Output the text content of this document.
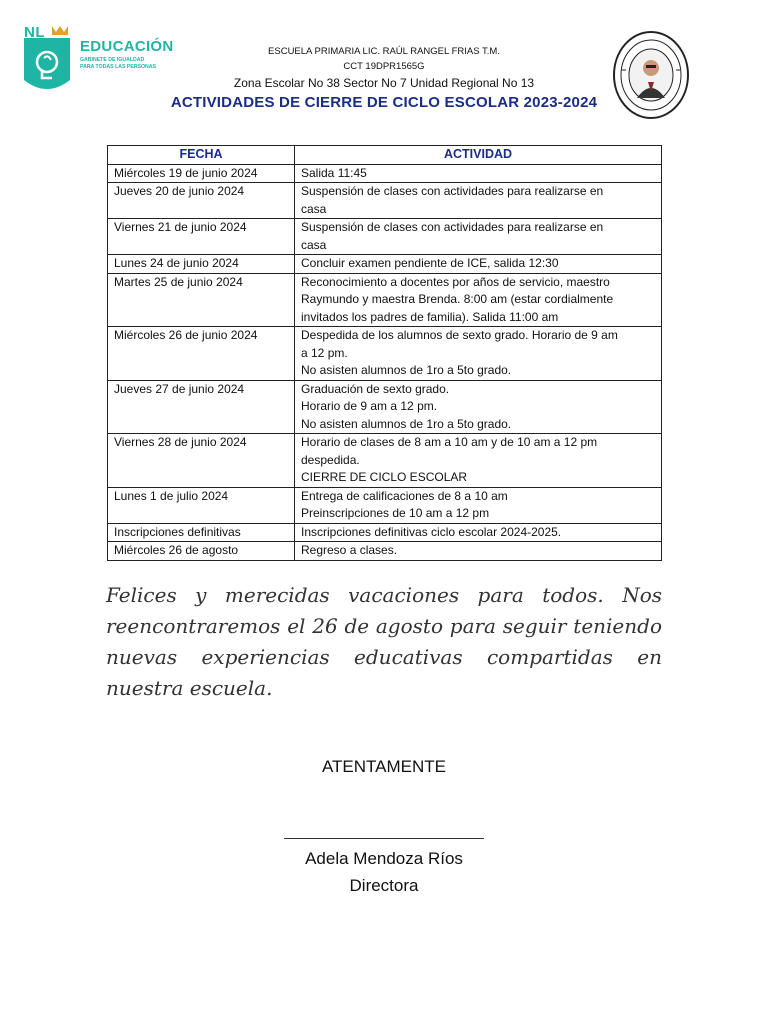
NL
EDUCACIÓN
GABINETE DE IGUALDAD
PARA TODAS LAS PERSONAS
ESCUELA PRIMARIA LIC. RAÚL RANGEL FRIAS T.M.
CCT 19DPR1565G
Zona Escolar No 38 Sector No 7 Unidad Regional No 13
ACTIVIDADES DE CIERRE DE CICLO ESCOLAR 2023-2024
FECHA	ACTIVIDAD
Miércoles 19 de junio 2024	Salida 11:45

Jueves 20 de junio 2024	Suspensión de clases con actividades para realizarse en
casa

Viernes 21 de junio 2024	Suspensión de clases con actividades para realizarse en
casa

Lunes 24 de junio 2024	Concluir examen pendiente de ICE, salida 12:30

Martes 25 de junio 2024	Reconocimiento a docentes por años de servicio, maestro
Raymundo y maestra Brenda. 8:00 am (estar cordialmente
invitados los padres de familia). Salida 11:00 am

Miércoles 26 de junio 2024	Despedida de los alumnos de sexto grado. Horario de 9 am
a 12 pm.
No asisten alumnos de 1ro a 5to grado.

Jueves 27 de junio 2024	Graduación de sexto grado.
Horario de 9 am a 12 pm.
No asisten alumnos de 1ro a 5to grado.

Viernes 28 de junio 2024	Horario de clases de 8 am a 10 am y de 10 am a 12 pm
despedida.
CIERRE DE CICLO ESCOLAR

Lunes 1 de julio 2024	Entrega de calificaciones de 8 a 10 am
Preinscripciones de 10 am a 12 pm

Inscripciones definitivas	Inscripciones definitivas ciclo escolar 2024-2025.

Miércoles 26 de agosto	Regreso a clases.
Felices y merecidas vacaciones para todos. Nos reencontraremos el 26 de agosto para seguir teniendo nuevas experiencias educativas compartidas en nuestra escuela.
ATENTAMENTE
Adela Mendoza Ríos
Directora
